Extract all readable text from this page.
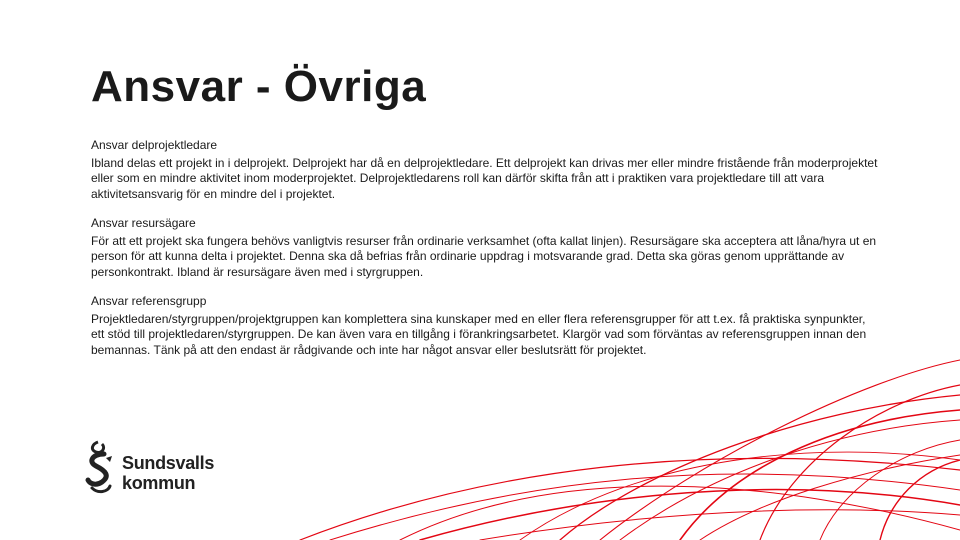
Ansvar - Övriga
Ansvar delprojektledare

Ibland delas ett projekt in i delprojekt. Delprojekt har då en delprojektledare. Ett delprojekt kan drivas mer eller mindre fristående från moderprojektet eller som en mindre aktivitet inom moderprojektet. Delprojektledarens roll kan därför skifta från att i praktiken vara projektledare till att vara aktivitetsansvarig för en mindre del i projektet.

Ansvar resursägare

För att ett projekt ska fungera behövs vanligtvis resurser från ordinarie verksamhet (ofta kallat linjen). Resursägare ska acceptera att låna/hyra ut en person för att kunna delta i projektet. Denna ska då befrias från ordinarie uppdrag i motsvarande grad. Detta ska göras genom upprättande av personkontrakt. Ibland är resursägare även med i styrgruppen.

Ansvar referensgrupp

Projektledaren/styrgruppen/projektgruppen kan komplettera sina kunskaper med en eller flera referensgrupper för att t.ex. få praktiska synpunkter, ett stöd till projektledaren/styrgruppen. De kan även vara en tillgång i förankringsarbetet. Klargör vad som förväntas av referensgruppen innan den bemannas. Tänk på att den endast är rådgivande och inte har något ansvar eller beslutsrätt för projektet.

Sundsvalls
kommun
